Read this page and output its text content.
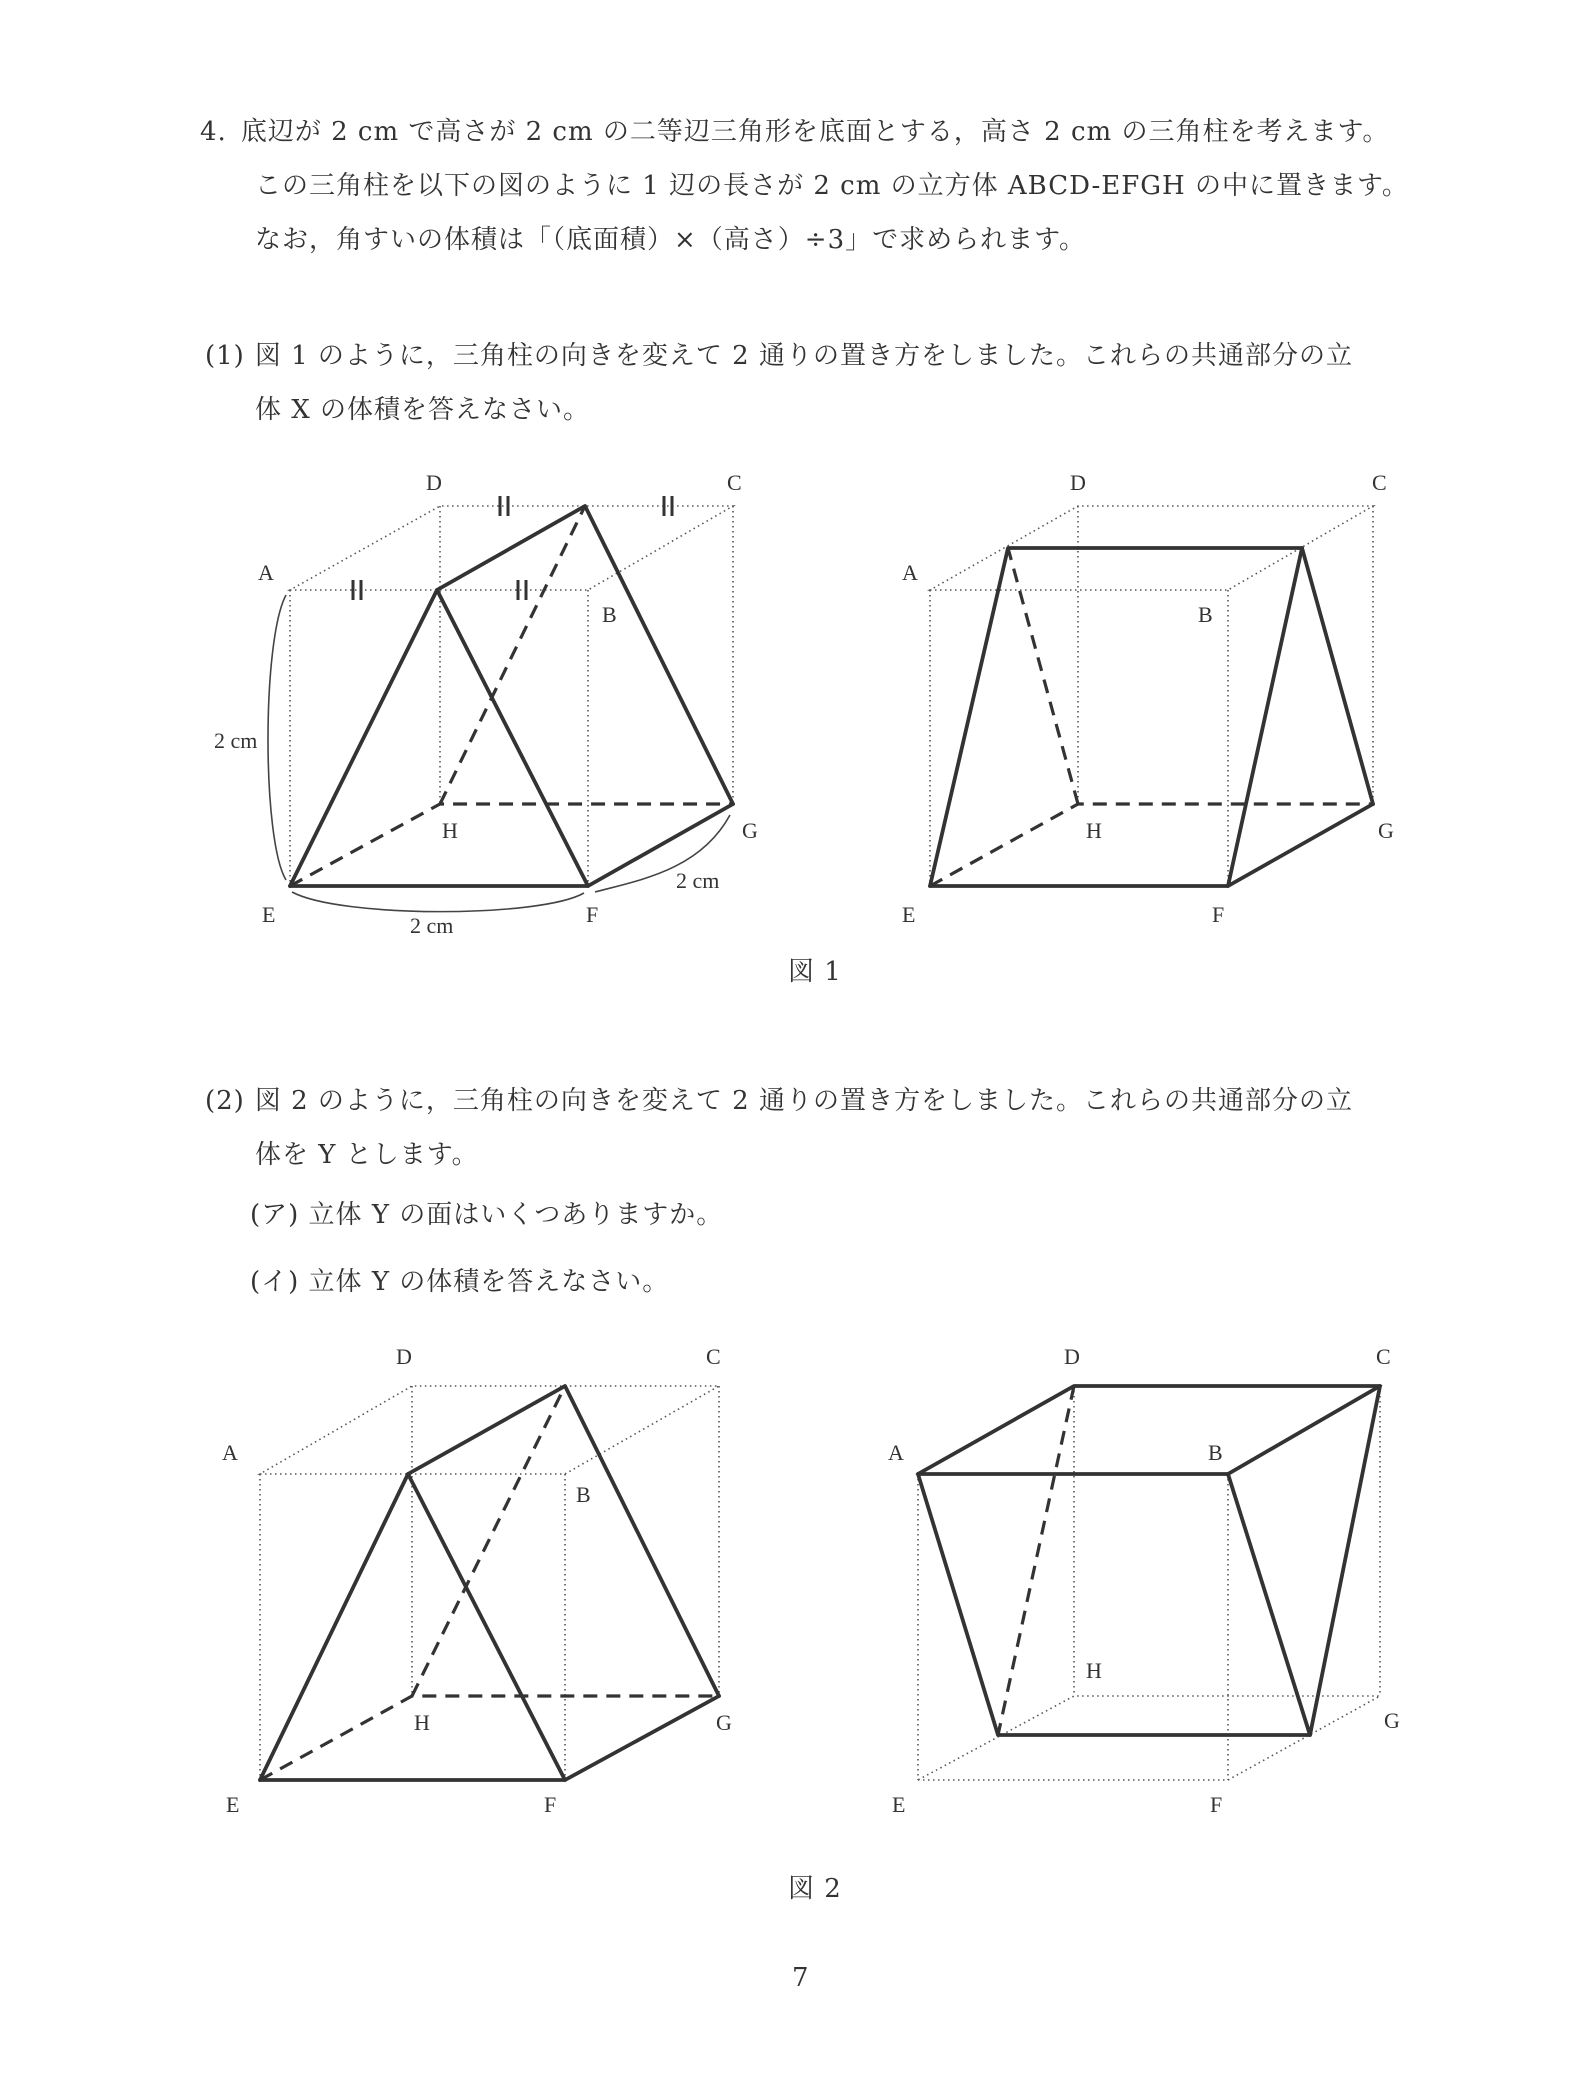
4. 底辺が 2 cm で高さが 2 cm の二等辺三角形を底面とする，高さ 2 cm の三角柱を考えます。
この三角柱を以下の図のように 1 辺の長さが 2 cm の立方体 ABCD-EFGH の中に置きます。
なお，角すいの体積は「（底面積）×（高さ）÷3」で求められます。
(1) 図 1 のように，三角柱の向きを変えて 2 通りの置き方をしました。これらの共通部分の立
体 X の体積を答えなさい。
(2) 図 2 のように，三角柱の向きを変えて 2 通りの置き方をしました。これらの共通部分の立
体を Y とします。
(ア) 立体 Y の面はいくつありますか。
(イ) 立体 Y の体積を答えなさい。
図 1
図 2
7
2 cm
2 cm
2 cm
A
B
C
D
E	F
G
H
A
B
C
D
E	F
G
H
A
B
C
D
E	F
G
H
A	B
C
D
E	F
G
H
